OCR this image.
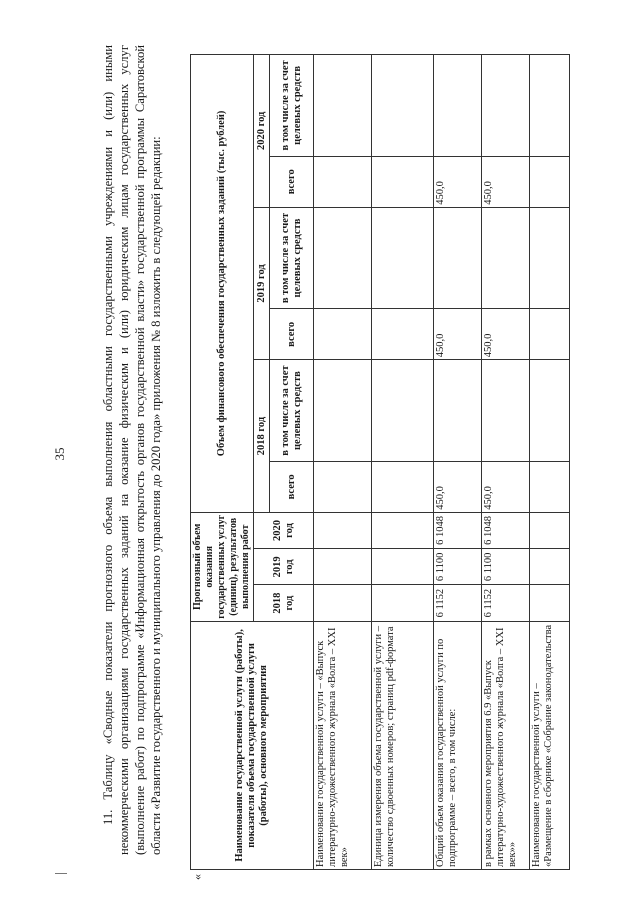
35	11. Таблицу «Сводные показатели прогнозного объема выполнения областными государственными учреждениями и (или) иными некоммерческими организациями государственных заданий на оказание физическим и (или) юридическим лицам государственных услуг (выполнение работ) по подпрограмме «Информационная открытость органов государственной власти» государственной программы Саратовской области «Развитие государственного и муниципального управления до 2020 года» приложения № 8 изложить в следующей редакции:
«
Наименование государственной услуги (работы), показателя объема государственной услуги (работы), основного мероприятия	Прогнозный объем оказания государственных услуг (единиц), результатов выполнения работ			Объем финансового обеспечения государственных заданий (тыс. рублей)					
	2018 год	2019 год	2020 год	2018 год		2019 год		2020 год	
				всего	в том числе за счет целевых средств	всего	в том числе за счет целевых средств	всего	в том числе за счет целевых средств
Наименование государственной услуги – «Выпуск литературно-художественного журнала «Волга – XXI век»									
Единица измерения объема государственной услуги – количество сдвоенных номеров; страниц pdf-формата									
Общий объем оказания государственной услуги по подпрограмме – всего, в том числе:	6 1152	6 1100	6 1048	450,0		450,0		450,0	
в рамках основного мероприятия 6.9 «Выпуск литературно-художественного журнала «Волга – XXI век»»	6 1152	6 1100	6 1048	450,0		450,0		450,0	
Наименование государственной услуги – «Размещение в сборнике «Собрание законодательства									
